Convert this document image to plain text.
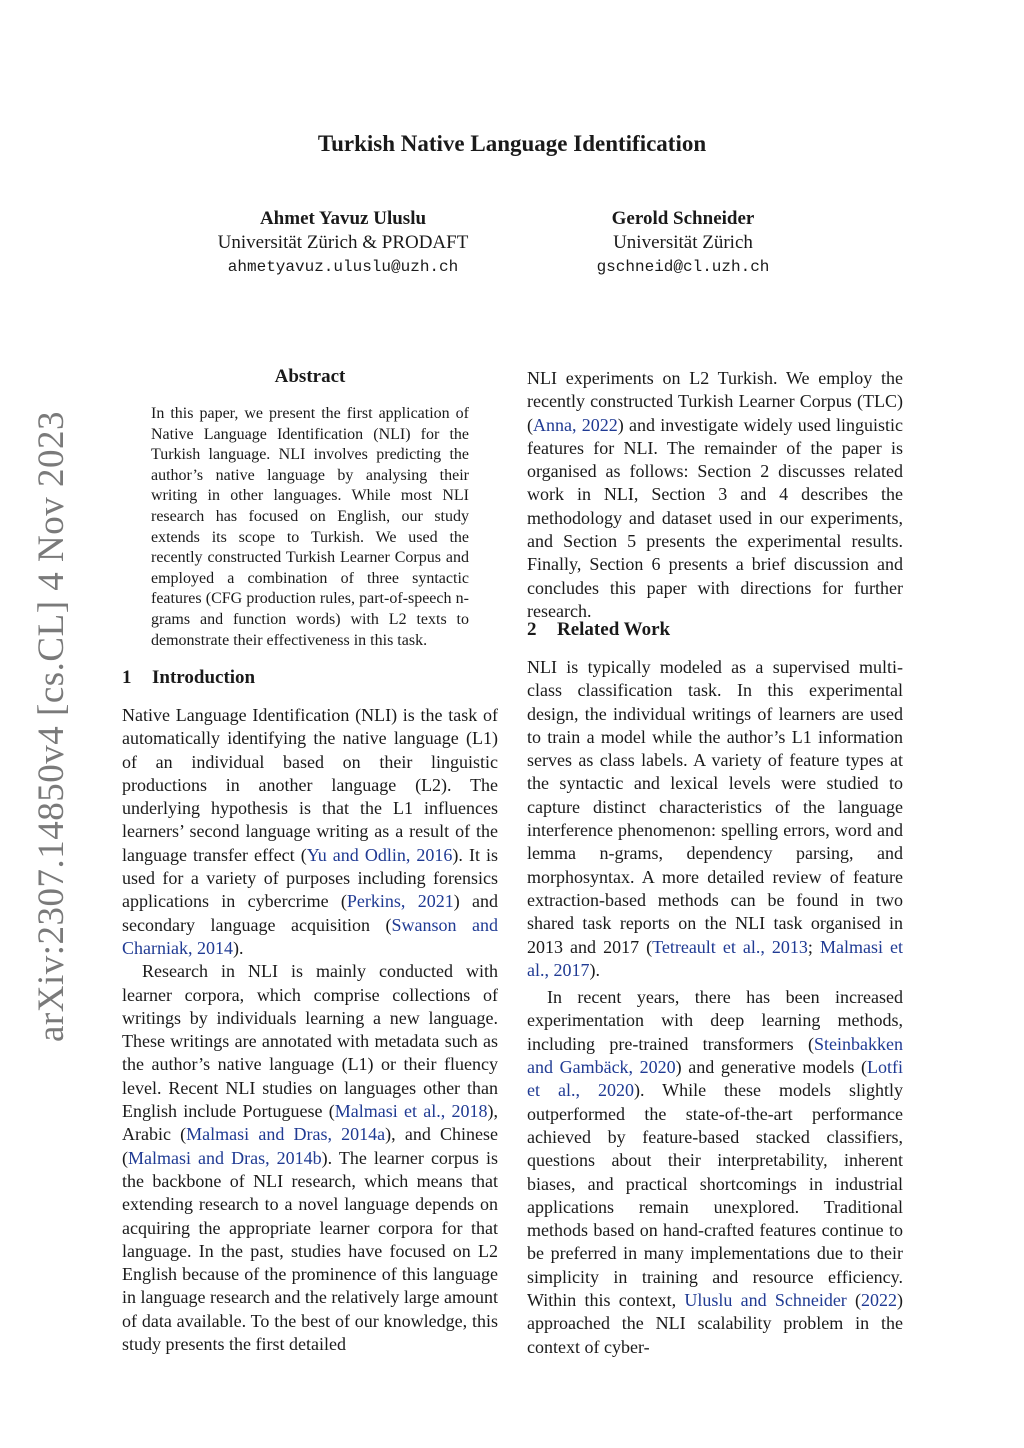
arXiv:2307.14850v4 [cs.CL] 4 Nov 2023
Turkish Native Language Identification
Ahmet Yavuz Uluslu
Universität Zürich & PRODAFT
ahmetyavuz.uluslu@uzh.ch
Gerold Schneider
Universität Zürich
gschneid@cl.uzh.ch
Abstract

In this paper, we present the first application of Native Language Identification (NLI) for the Turkish language. NLI involves predicting the author’s native language by analysing their writing in other languages. While most NLI research has focused on English, our study extends its scope to Turkish. We used the recently constructed Turkish Learner Corpus and employed a combination of three syntactic features (CFG production rules, part-of-speech n-grams and function words) with L2 texts to demonstrate their effectiveness in this task.

1 Introduction

Native Language Identification (NLI) is the task of automatically identifying the native language (L1) of an individual based on their linguistic productions in another language (L2). The underlying hypothesis is that the L1 influences learners’ second language writing as a result of the language transfer effect (Yu and Odlin, 2016). It is used for a variety of purposes including forensics applications in cybercrime (Perkins, 2021) and secondary language acquisition (Swanson and Charniak, 2014).

Research in NLI is mainly conducted with learner corpora, which comprise collections of writings by individuals learning a new language. These writings are annotated with metadata such as the author’s native language (L1) or their fluency level. Recent NLI studies on languages other than English include Portuguese (Malmasi et al., 2018), Arabic (Malmasi and Dras, 2014a), and Chinese (Malmasi and Dras, 2014b). The learner corpus is the backbone of NLI research, which means that extending research to a novel language depends on acquiring the appropriate learner corpora for that language. In the past, studies have focused on L2 English because of the prominence of this language in language research and the relatively large amount of data available. To the best of our knowledge, this study presents the first detailed

NLI experiments on L2 Turkish. We employ the recently constructed Turkish Learner Corpus (TLC) (Anna, 2022) and investigate widely used linguistic features for NLI. The remainder of the paper is organised as follows: Section 2 discusses related work in NLI, Section 3 and 4 describes the methodology and dataset used in our experiments, and Section 5 presents the experimental results. Finally, Section 6 presents a brief discussion and concludes this paper with directions for further research.

2 Related Work

NLI is typically modeled as a supervised multi-class classification task. In this experimental design, the individual writings of learners are used to train a model while the author’s L1 information serves as class labels. A variety of feature types at the syntactic and lexical levels were studied to capture distinct characteristics of the language interference phenomenon: spelling errors, word and lemma n-grams, dependency parsing, and morphosyntax. A more detailed review of feature extraction-based methods can be found in two shared task reports on the NLI task organised in 2013 and 2017 (Tetreault et al., 2013; Malmasi et al., 2017).

In recent years, there has been increased experimentation with deep learning methods, including pre-trained transformers (Steinbakken and Gambäck, 2020) and generative models (Lotfi et al., 2020). While these models slightly outperformed the state-of-the-art performance achieved by feature-based stacked classifiers, questions about their interpretability, inherent biases, and practical shortcomings in industrial applications remain unexplored. Traditional methods based on hand-crafted features continue to be preferred in many implementations due to their simplicity in training and resource efficiency. Within this context, Uluslu and Schneider (2022) approached the NLI scalability problem in the context of cyber-
